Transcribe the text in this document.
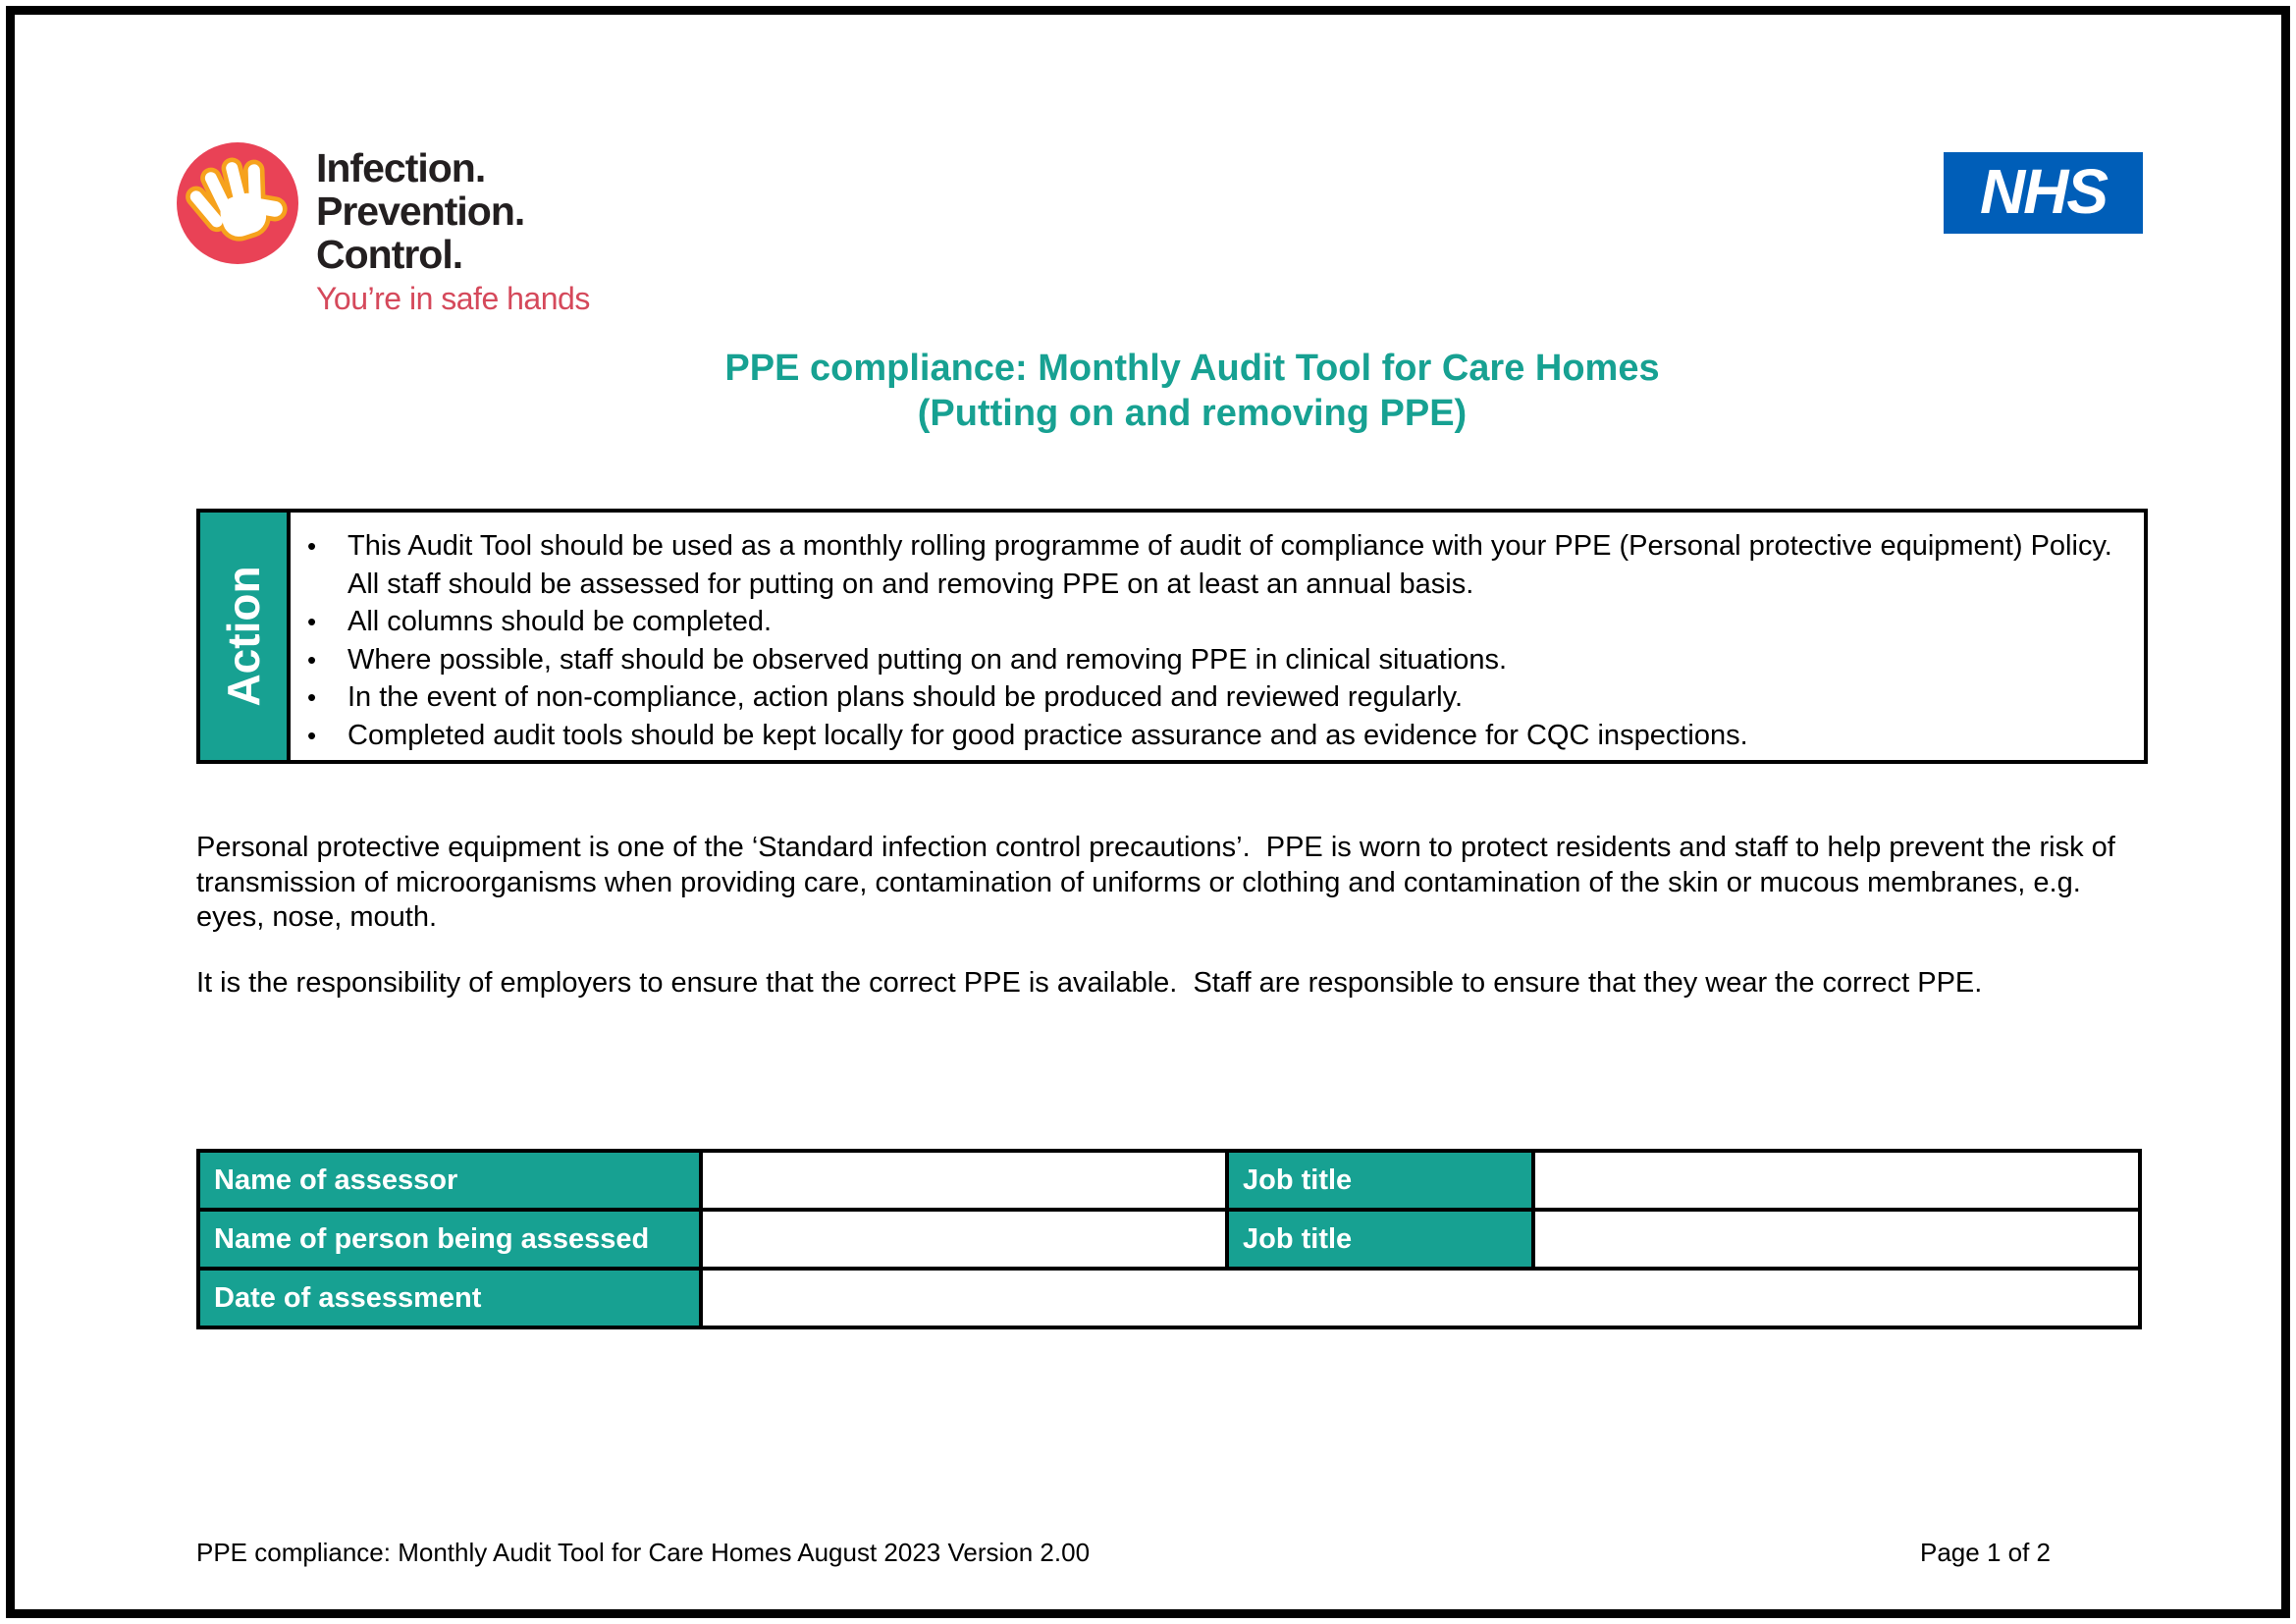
Infection.
Prevention.
Control.
You’re in safe hands
NHS
PPE compliance: Monthly Audit Tool for Care Homes
(Putting on and removing PPE)
Action
•	This Audit Tool should be used as a monthly rolling programme of audit of compliance with your PPE (Personal protective equipment) Policy.  All staff should be assessed for putting on and removing PPE on at least an annual basis.
•	All columns should be completed.
•	Where possible, staff should be observed putting on and removing PPE in clinical situations.
•	In the event of non-compliance, action plans should be produced and reviewed regularly.
•	Completed audit tools should be kept locally for good practice assurance and as evidence for CQC inspections.
Personal protective equipment is one of the ‘Standard infection control precautions’.  PPE is worn to protect residents and staff to help prevent the risk of transmission of microorganisms when providing care, contamination of uniforms or clothing and contamination of the skin or mucous membranes, e.g. eyes, nose, mouth.
It is the responsibility of employers to ensure that the correct PPE is available.  Staff are responsible to ensure that they wear the correct PPE.
Name of assessor		Job title	
Name of person being assessed		Job title	
Date of assessment			
PPE compliance: Monthly Audit Tool for Care Homes August 2023 Version 2.00	Page 1 of 2
